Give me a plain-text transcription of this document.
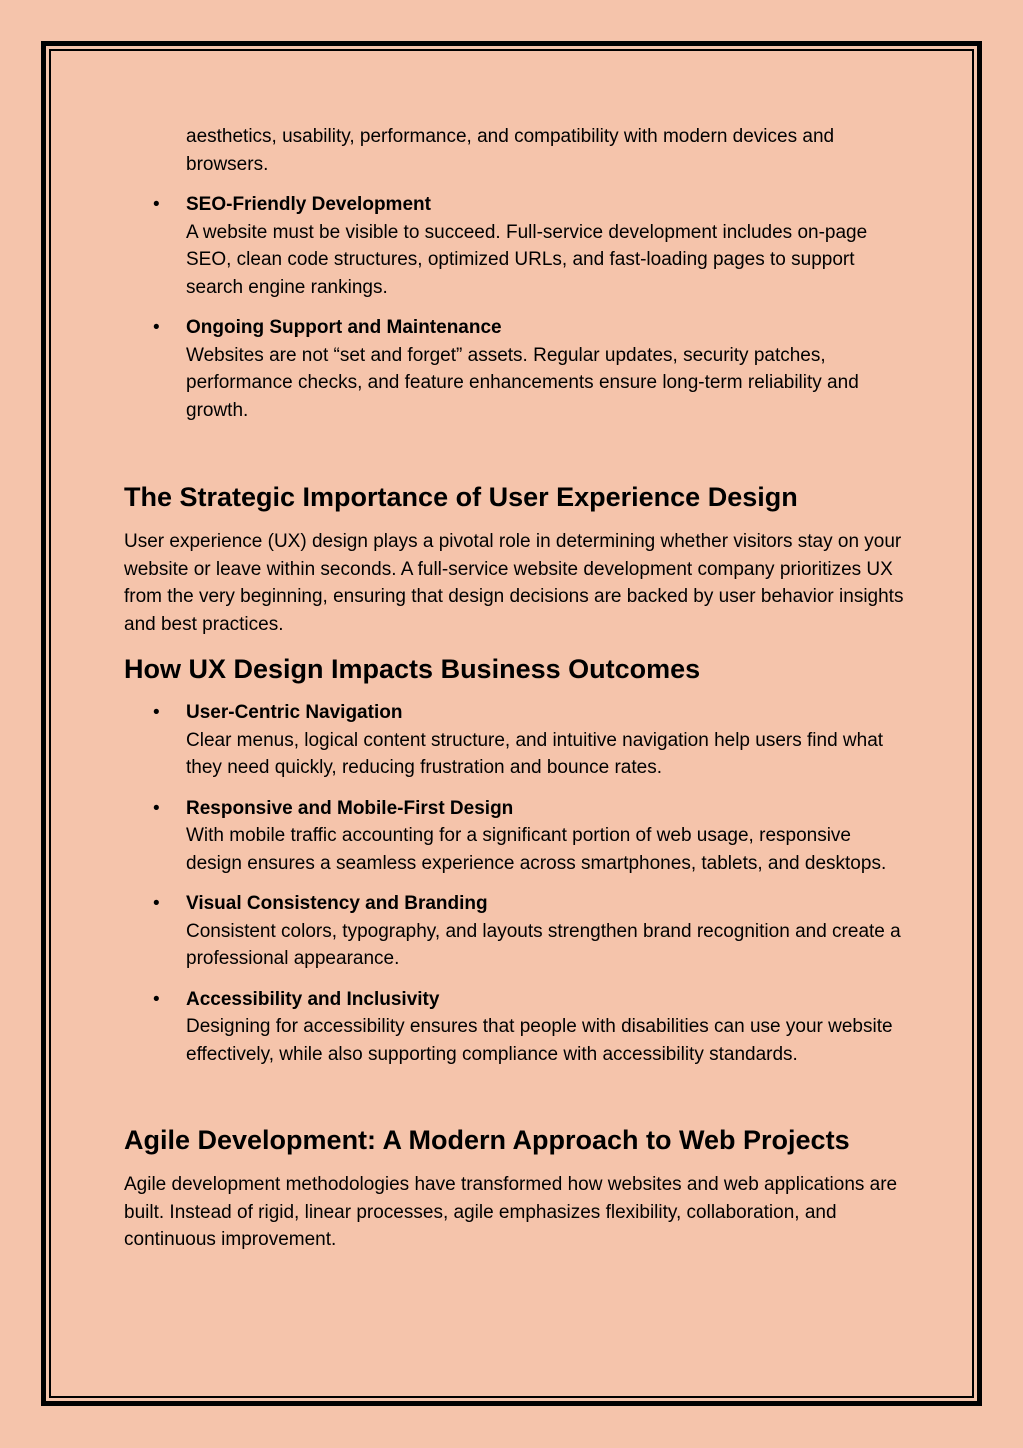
aesthetics, usability, performance, and compatibility with modern devices and browsers.

• SEO-Friendly Development
A website must be visible to succeed. Full-service development includes on-page SEO, clean code structures, optimized URLs, and fast-loading pages to support search engine rankings.
• Ongoing Support and Maintenance
Websites are not “set and forget” assets. Regular updates, security patches, performance checks, and feature enhancements ensure long-term reliability and growth.
The Strategic Importance of User Experience Design

User experience (UX) design plays a pivotal role in determining whether visitors stay on your website or leave within seconds. A full-service website development company prioritizes UX from the very beginning, ensuring that design decisions are backed by user behavior insights and best practices.

How UX Design Impacts Business Outcomes
• User-Centric Navigation
Clear menus, logical content structure, and intuitive navigation help users find what they need quickly, reducing frustration and bounce rates.
• Responsive and Mobile-First Design
With mobile traffic accounting for a significant portion of web usage, responsive design ensures a seamless experience across smartphones, tablets, and desktops.
• Visual Consistency and Branding
Consistent colors, typography, and layouts strengthen brand recognition and create a professional appearance.
• Accessibility and Inclusivity
Designing for accessibility ensures that people with disabilities can use your website effectively, while also supporting compliance with accessibility standards.
Agile Development: A Modern Approach to Web Projects

Agile development methodologies have transformed how websites and web applications are built. Instead of rigid, linear processes, agile emphasizes flexibility, collaboration, and continuous improvement.
